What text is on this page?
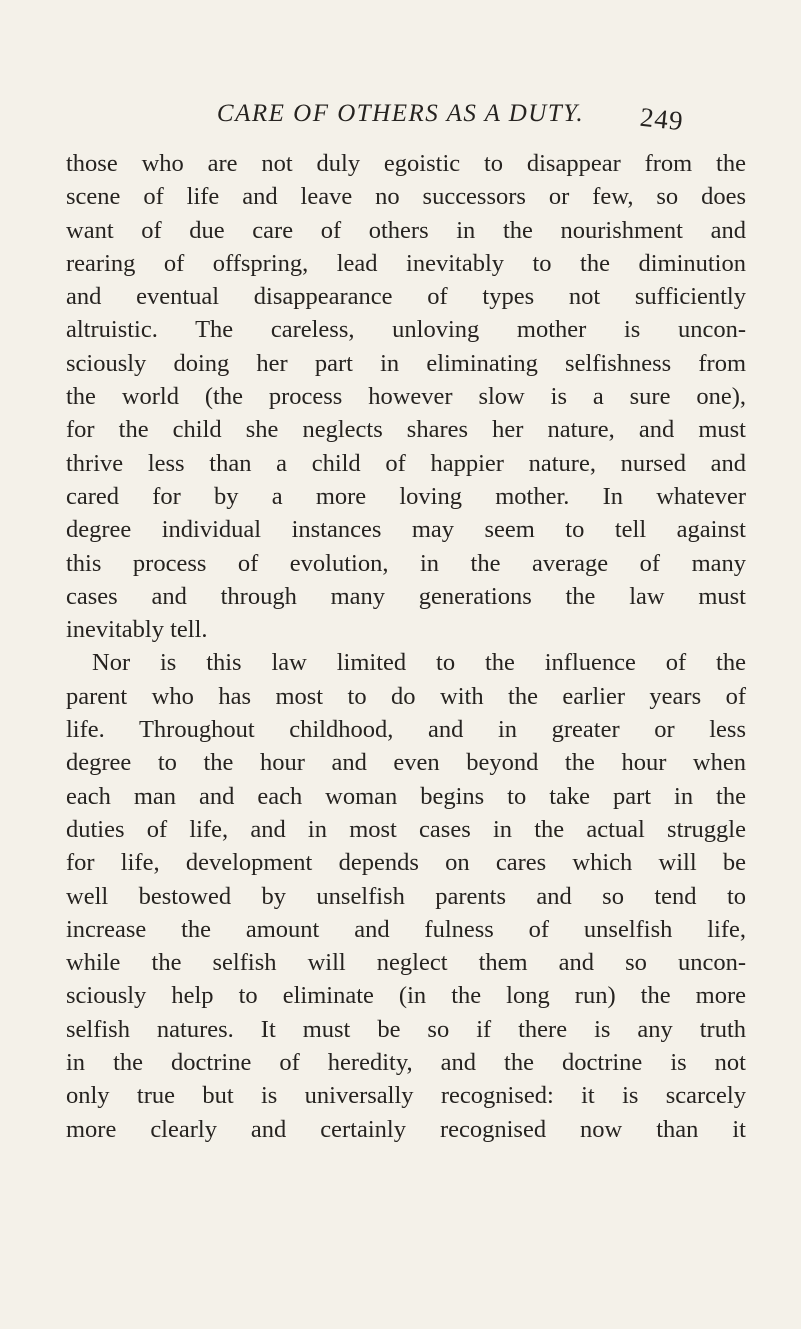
CARE OF OTHERS AS A DUTY.	249
those who are not duly egoistic to disappear from the
scene of life and leave no successors or few, so does
want of due care of others in the nourishment and
rearing of offspring, lead inevitably to the diminution
and eventual disappearance of types not sufficiently
altruistic. The careless, unloving mother is uncon-
sciously doing her part in eliminating selfishness from
the world (the process however slow is a sure one),
for the child she neglects shares her nature, and must
thrive less than a child of happier nature, nursed and
cared for by a more loving mother. In whatever
degree individual instances may seem to tell against
this process of evolution, in the average of many
cases and through many generations the law must
inevitably tell.
Nor is this law limited to the influence of the
parent who has most to do with the earlier years of
life. Throughout childhood, and in greater or less
degree to the hour and even beyond the hour when
each man and each woman begins to take part in the
duties of life, and in most cases in the actual struggle
for life, development depends on cares which will be
well bestowed by unselfish parents and so tend to
increase the amount and fulness of unselfish life,
while the selfish will neglect them and so uncon-
sciously help to eliminate (in the long run) the more
selfish natures. It must be so if there is any truth
in the doctrine of heredity, and the doctrine is not
only true but is universally recognised: it is scarcely
more clearly and certainly recognised now than it
